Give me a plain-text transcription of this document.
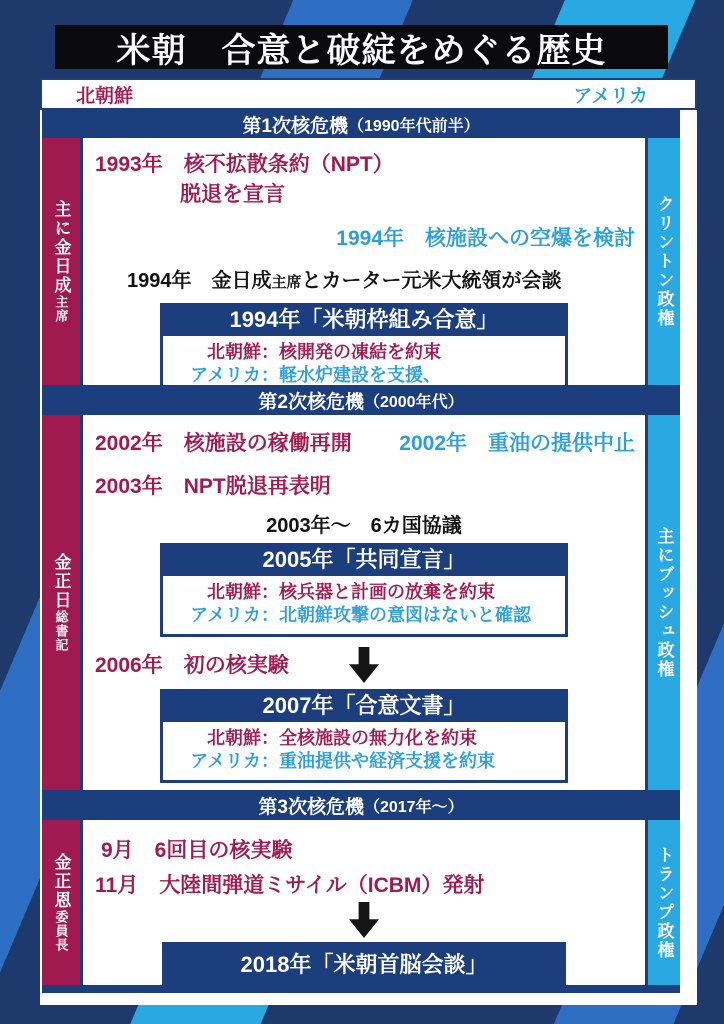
米朝　合意と破綻をめぐる歴史
北朝鮮	アメリカ
第1次核危機 （1990年代前半）
主に金日成主席
1993年　核不拡散条約（NPT）
脱退を宣言
1994年　核施設への空爆を検討
1994年　金日成主席とカーター元米大統領が会談
1994年「米朝枠組み合意」
北朝鮮： 核開発の凍結を約束
アメリカ： 軽水炉建設を支援、
クリントン政権
第2次核危機 （2000年代）
金正日総書記
2002年　核施設の稼働再開 2002年　重油の提供中止
2003年　NPT脱退再表明
2003年～　6カ国協議
2005年「共同宣言」
北朝鮮： 核兵器と計画の放棄を約束
アメリカ： 北朝鮮攻撃の意図はないと確認
2006年　初の核実験
2007年「合意文書」
北朝鮮： 全核施設の無力化を約束
アメリカ： 重油提供や経済支援を約束
主にブッシュ政権
第3次核危機 （2017年～）
金正恩委員長
9月　6回目の核実験
11月　大陸間弾道ミサイル（ICBM）発射
2018年「米朝首脳会談」
トランプ政権
